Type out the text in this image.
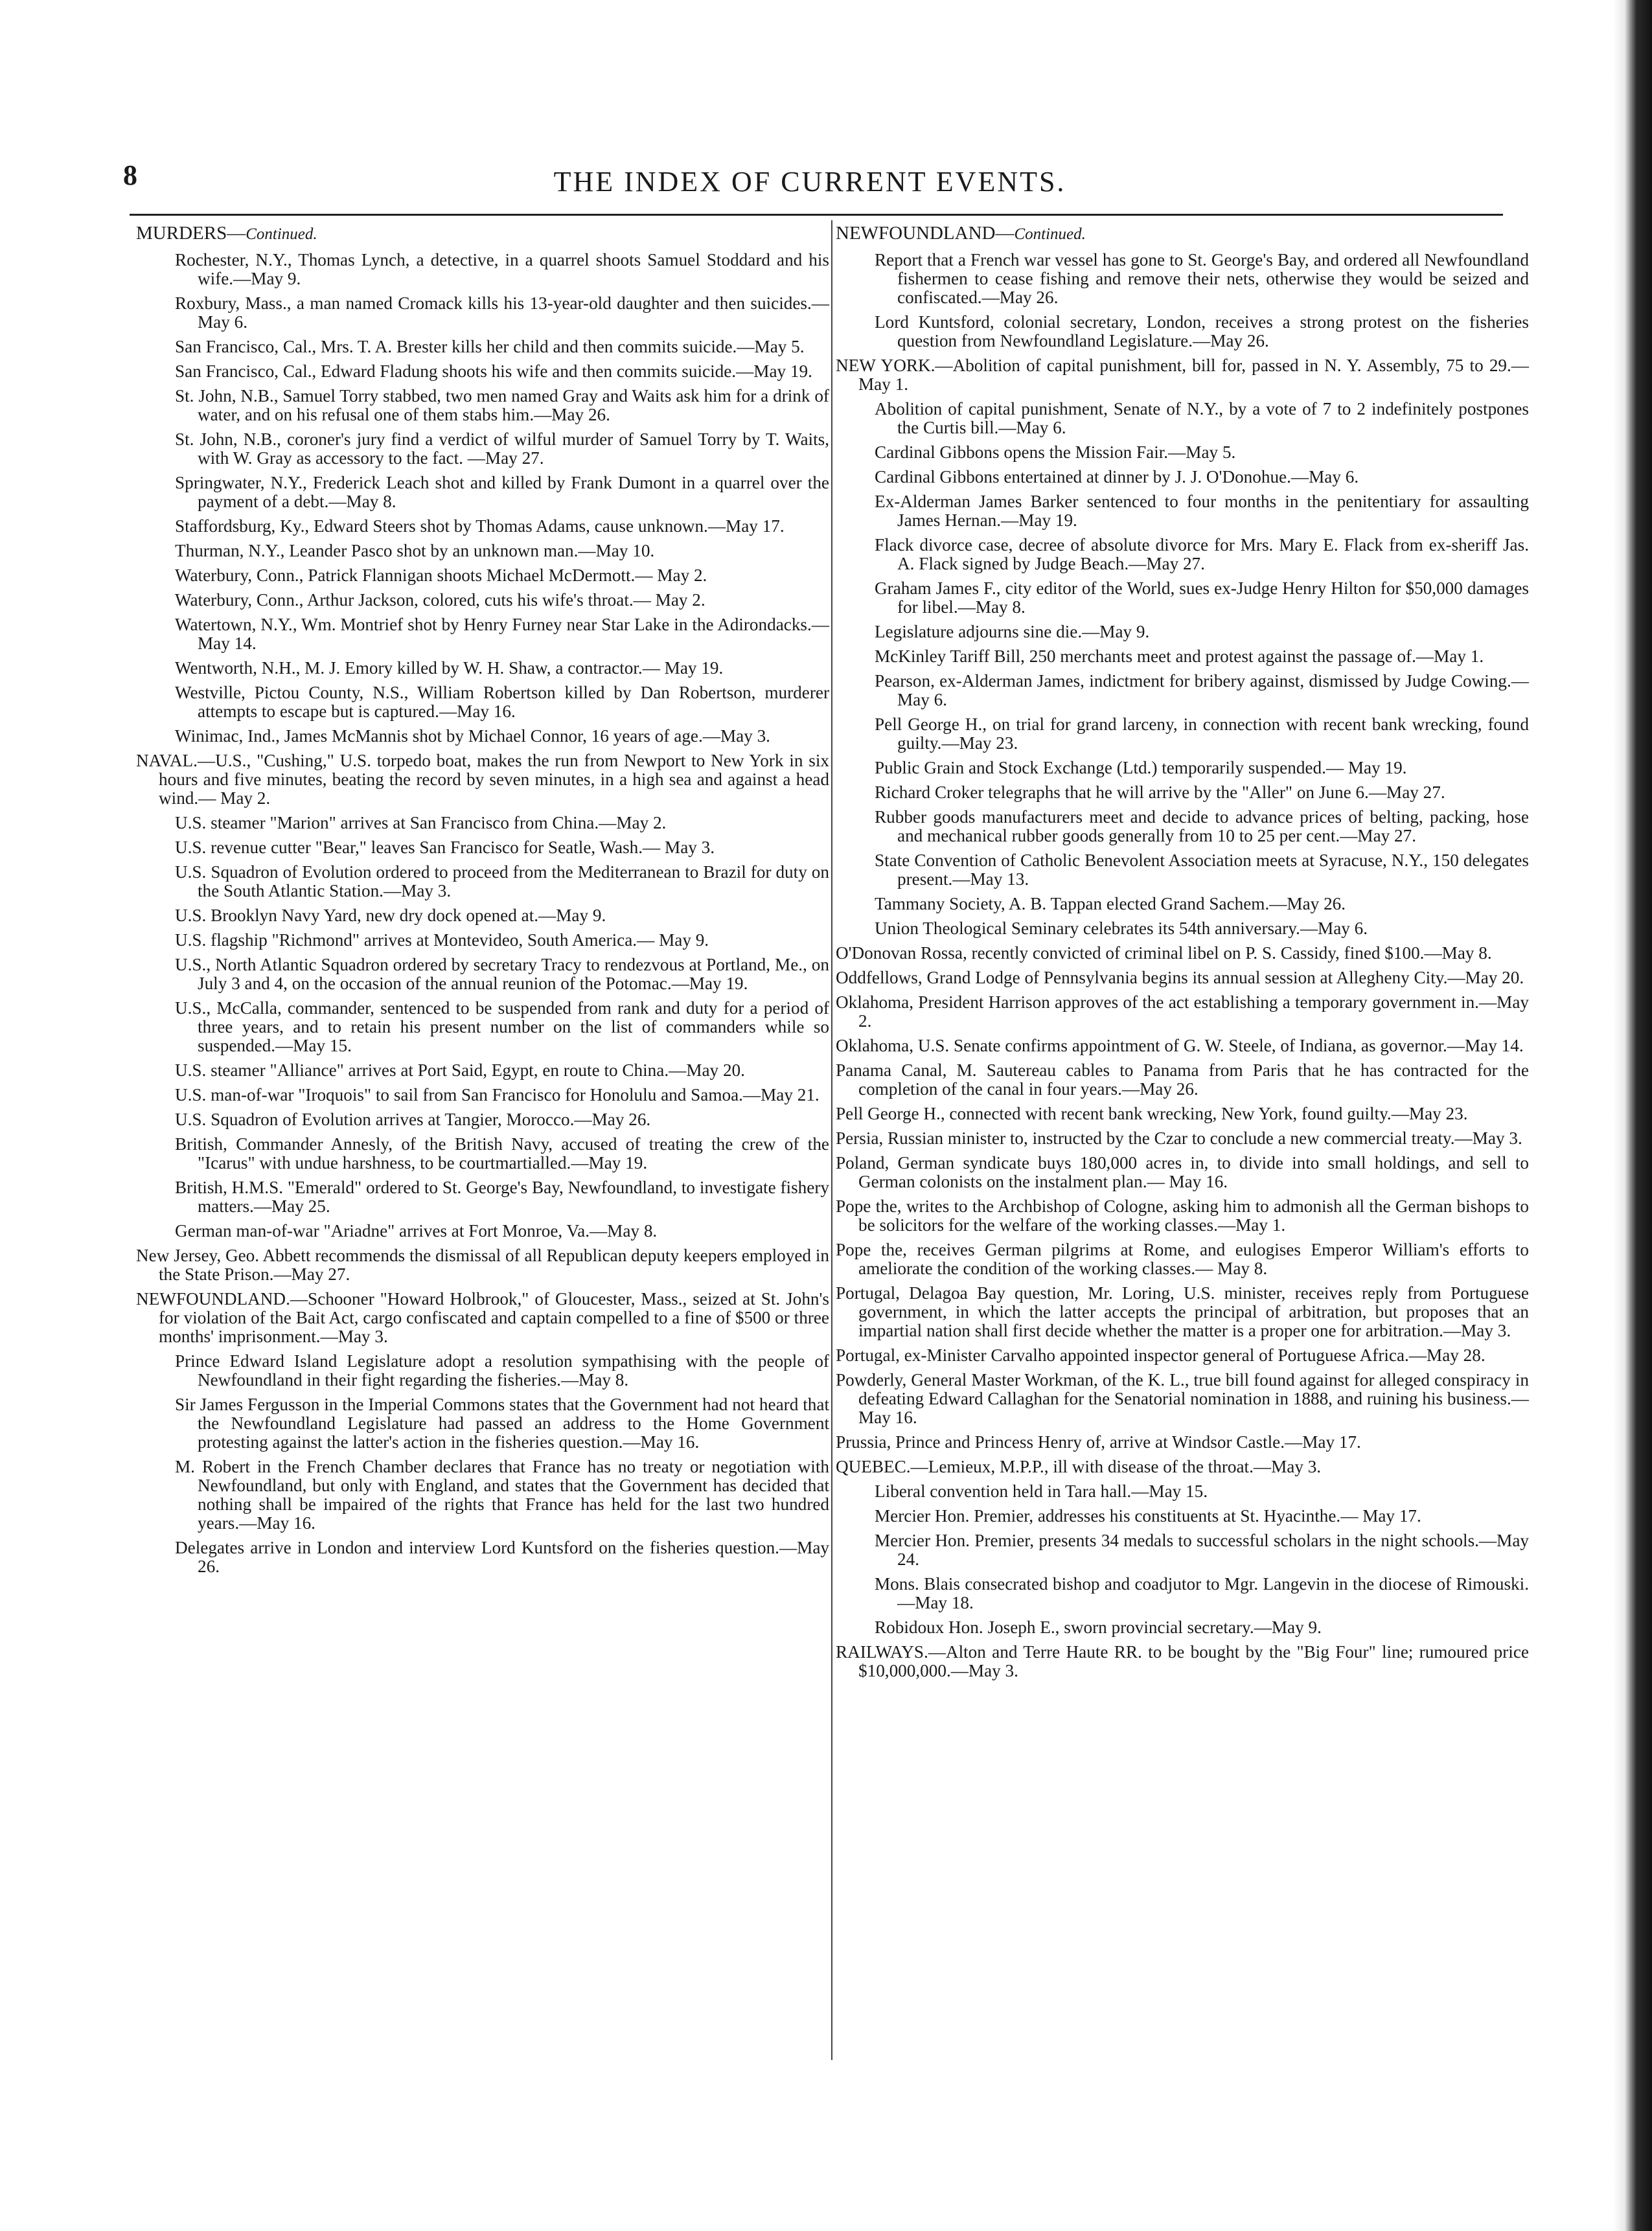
8	THE INDEX OF CURRENT EVENTS.
MURDERS—Continued.
Rochester, N.Y., Thomas Lynch, a detective, in a quarrel shoots Samuel Stoddard and his wife.—May 9.
Roxbury, Mass., a man named Cromack kills his 13-year-old daughter and then suicides.—May 6.
San Francisco, Cal., Mrs. T. A. Brester kills her child and then commits suicide.—May 5.
San Francisco, Cal., Edward Fladung shoots his wife and then commits suicide.—May 19.
St. John, N.B., Samuel Torry stabbed, two men named Gray and Waits ask him for a drink of water, and on his refusal one of them stabs him.—May 26.
St. John, N.B., coroner's jury find a verdict of wilful murder of Samuel Torry by T. Waits, with W. Gray as accessory to the fact. —May 27.
Springwater, N.Y., Frederick Leach shot and killed by Frank Dumont in a quarrel over the payment of a debt.—May 8.
Staffordsburg, Ky., Edward Steers shot by Thomas Adams, cause unknown.—May 17.
Thurman, N.Y., Leander Pasco shot by an unknown man.—May 10.
Waterbury, Conn., Patrick Flannigan shoots Michael McDermott.— May 2.
Waterbury, Conn., Arthur Jackson, colored, cuts his wife's throat.— May 2.
Watertown, N.Y., Wm. Montrief shot by Henry Furney near Star Lake in the Adirondacks.—May 14.
Wentworth, N.H., M. J. Emory killed by W. H. Shaw, a contractor.— May 19.
Westville, Pictou County, N.S., William Robertson killed by Dan Robertson, murderer attempts to escape but is captured.—May 16.
Winimac, Ind., James McMannis shot by Michael Connor, 16 years of age.—May 3.
NAVAL.—U.S., "Cushing," U.S. torpedo boat, makes the run from Newport to New York in six hours and five minutes, beating the record by seven minutes, in a high sea and against a head wind.— May 2.
U.S. steamer "Marion" arrives at San Francisco from China.—May 2.
U.S. revenue cutter "Bear," leaves San Francisco for Seatle, Wash.— May 3.
U.S. Squadron of Evolution ordered to proceed from the Mediterranean to Brazil for duty on the South Atlantic Station.—May 3.
U.S. Brooklyn Navy Yard, new dry dock opened at.—May 9.
U.S. flagship "Richmond" arrives at Montevideo, South America.— May 9.
U.S., North Atlantic Squadron ordered by secretary Tracy to rendezvous at Portland, Me., on July 3 and 4, on the occasion of the annual reunion of the Potomac.—May 19.
U.S., McCalla, commander, sentenced to be suspended from rank and duty for a period of three years, and to retain his present number on the list of commanders while so suspended.—May 15.
U.S. steamer "Alliance" arrives at Port Said, Egypt, en route to China.—May 20.
U.S. man-of-war "Iroquois" to sail from San Francisco for Honolulu and Samoa.—May 21.
U.S. Squadron of Evolution arrives at Tangier, Morocco.—May 26.
British, Commander Annesly, of the British Navy, accused of treating the crew of the "Icarus" with undue harshness, to be courtmartialled.—May 19.
British, H.M.S. "Emerald" ordered to St. George's Bay, Newfoundland, to investigate fishery matters.—May 25.
German man-of-war "Ariadne" arrives at Fort Monroe, Va.—May 8.
New Jersey, Geo. Abbett recommends the dismissal of all Republican deputy keepers employed in the State Prison.—May 27.
NEWFOUNDLAND.—Schooner "Howard Holbrook," of Gloucester, Mass., seized at St. John's for violation of the Bait Act, cargo confiscated and captain compelled to a fine of $500 or three months' imprisonment.—May 3.
Prince Edward Island Legislature adopt a resolution sympathising with the people of Newfoundland in their fight regarding the fisheries.—May 8.
Sir James Fergusson in the Imperial Commons states that the Government had not heard that the Newfoundland Legislature had passed an address to the Home Government protesting against the latter's action in the fisheries question.—May 16.
M. Robert in the French Chamber declares that France has no treaty or negotiation with Newfoundland, but only with England, and states that the Government has decided that nothing shall be impaired of the rights that France has held for the last two hundred years.—May 16.
Delegates arrive in London and interview Lord Kuntsford on the fisheries question.—May 26.
NEWFOUNDLAND—Continued.
Report that a French war vessel has gone to St. George's Bay, and ordered all Newfoundland fishermen to cease fishing and remove their nets, otherwise they would be seized and confiscated.—May 26.
Lord Kuntsford, colonial secretary, London, receives a strong protest on the fisheries question from Newfoundland Legislature.—May 26.
NEW YORK.—Abolition of capital punishment, bill for, passed in N. Y. Assembly, 75 to 29.—May 1.
Abolition of capital punishment, Senate of N.Y., by a vote of 7 to 2 indefinitely postpones the Curtis bill.—May 6.
Cardinal Gibbons opens the Mission Fair.—May 5.
Cardinal Gibbons entertained at dinner by J. J. O'Donohue.—May 6.
Ex-Alderman James Barker sentenced to four months in the penitentiary for assaulting James Hernan.—May 19.
Flack divorce case, decree of absolute divorce for Mrs. Mary E. Flack from ex-sheriff Jas. A. Flack signed by Judge Beach.—May 27.
Graham James F., city editor of the World, sues ex-Judge Henry Hilton for $50,000 damages for libel.—May 8.
Legislature adjourns sine die.—May 9.
McKinley Tariff Bill, 250 merchants meet and protest against the passage of.—May 1.
Pearson, ex-Alderman James, indictment for bribery against, dismissed by Judge Cowing.—May 6.
Pell George H., on trial for grand larceny, in connection with recent bank wrecking, found guilty.—May 23.
Public Grain and Stock Exchange (Ltd.) temporarily suspended.— May 19.
Richard Croker telegraphs that he will arrive by the "Aller" on June 6.—May 27.
Rubber goods manufacturers meet and decide to advance prices of belting, packing, hose and mechanical rubber goods generally from 10 to 25 per cent.—May 27.
State Convention of Catholic Benevolent Association meets at Syracuse, N.Y., 150 delegates present.—May 13.
Tammany Society, A. B. Tappan elected Grand Sachem.—May 26.
Union Theological Seminary celebrates its 54th anniversary.—May 6.
O'Donovan Rossa, recently convicted of criminal libel on P. S. Cassidy, fined $100.—May 8.
Oddfellows, Grand Lodge of Pennsylvania begins its annual session at Allegheny City.—May 20.
Oklahoma, President Harrison approves of the act establishing a temporary government in.—May 2.
Oklahoma, U.S. Senate confirms appointment of G. W. Steele, of Indiana, as governor.—May 14.
Panama Canal, M. Sautereau cables to Panama from Paris that he has contracted for the completion of the canal in four years.—May 26.
Pell George H., connected with recent bank wrecking, New York, found guilty.—May 23.
Persia, Russian minister to, instructed by the Czar to conclude a new commercial treaty.—May 3.
Poland, German syndicate buys 180,000 acres in, to divide into small holdings, and sell to German colonists on the instalment plan.— May 16.
Pope the, writes to the Archbishop of Cologne, asking him to admonish all the German bishops to be solicitors for the welfare of the working classes.—May 1.
Pope the, receives German pilgrims at Rome, and eulogises Emperor William's efforts to ameliorate the condition of the working classes.— May 8.
Portugal, Delagoa Bay question, Mr. Loring, U.S. minister, receives reply from Portuguese government, in which the latter accepts the principal of arbitration, but proposes that an impartial nation shall first decide whether the matter is a proper one for arbitration.—May 3.
Portugal, ex-Minister Carvalho appointed inspector general of Portuguese Africa.—May 28.
Powderly, General Master Workman, of the K. L., true bill found against for alleged conspiracy in defeating Edward Callaghan for the Senatorial nomination in 1888, and ruining his business.—May 16.
Prussia, Prince and Princess Henry of, arrive at Windsor Castle.—May 17.
QUEBEC.—Lemieux, M.P.P., ill with disease of the throat.—May 3.
Liberal convention held in Tara hall.—May 15.
Mercier Hon. Premier, addresses his constituents at St. Hyacinthe.— May 17.
Mercier Hon. Premier, presents 34 medals to successful scholars in the night schools.—May 24.
Mons. Blais consecrated bishop and coadjutor to Mgr. Langevin in the diocese of Rimouski.—May 18.
Robidoux Hon. Joseph E., sworn provincial secretary.—May 9.
RAILWAYS.—Alton and Terre Haute RR. to be bought by the "Big Four" line; rumoured price $10,000,000.—May 3.
